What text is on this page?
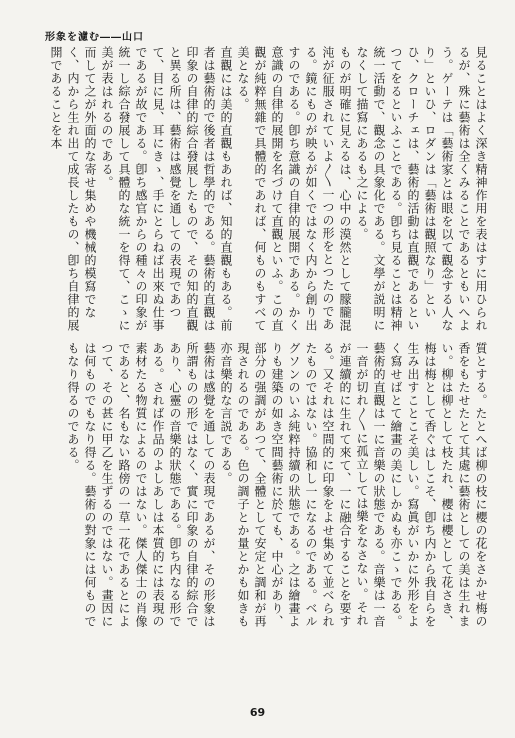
形象を濾む――山口

見ることはよく深き精神作用を表はすに用ひられるが、殊に藝術は全くみることであるともいへよう。ゲーテは「藝術家とは眼を以て觀念する人なり」といひ、ロダンは「藝術は觀照なり」といひ、クローチェは、藝術的活動は直觀であるといつてをるといふことである。卽ち見ることは精神統一活動で、觀念の具象化である。文學が説明になくして描寫にあるも之による。

ものが明確に見えるは、心中の漠然として朦朧混沌が征服されていよ〳〵一つの形をとつたのである。鏡にものが映るが如くではなく内から創り出すのである。卽ち意識の自律的展開である。かく意識の自律的展開を名づけて直觀といふ。この直觀が純粹無雜で具體的であれば、何ものもすべて美となる。

直觀には美的直觀もあれば、知的直觀もある。前者は藝術的で後者は哲學的である。藝術的直觀は印象の自律的綜合發展したもので、その知的直觀と異る所は、藝術は感覺を通しての表現であつて、目に見、耳にきゝ、手にとらねば出來ぬ仕事であるが故である。卽ち感官からの種々の印象が統一し綜合發展して具體的な統一を得て、こゝに美が表はれるのである。

而して之が外面的な寄せ集めや機械的模寫でなく、内から生れ出て成長したもの、卽ち自律的展開であることを本

質とする。たとへば柳の枝に櫻の花をさかせ梅の香をもたせたとて其處に藝術としての美は生れまい。柳は柳として枝たれ、櫻は櫻として花さき、梅は梅として香ぐはしこそ、卽ち内から我自らを生み出すことこそ美しい。寫眞がいかに外形をよく寫せばとて繪畫の美にしかぬも亦こゝである。

藝術的直觀は一に音樂の狀態である。音樂は一音一音が切れ〳〵に孤立しては樂をなさない。それが連續的に生れて來て、一に融合することを要する。又それは空間的に印象をよせ集めて並べられたものではない。協和し一になるのである。ベルグソンのいふ純粹持續の狀態である。之は繪畫よりも建築の如き空間藝術に於ても、中心があり、部分の强調があつて、全體として安定と調和が再現されるのである。色の調子とか量とかも如きも亦音樂的な言説である。

藝術は感覺を通しての表現であるが、その形象は所謂ものの形ではなく、實に印象の自律的綜合であり、心靈の音樂的狀態である。卽ち内なる形である。されば作品のよしあしは本質的には表現の素材たる物質によるのではない。傑人傑士の肖像であると、名もない路傍の一草一花であるとによつて、その甚に甲乙を生ずるのではない。畫因には何ものでもなり得る。藝術の對象には何ものでもなり得るのである。

69
